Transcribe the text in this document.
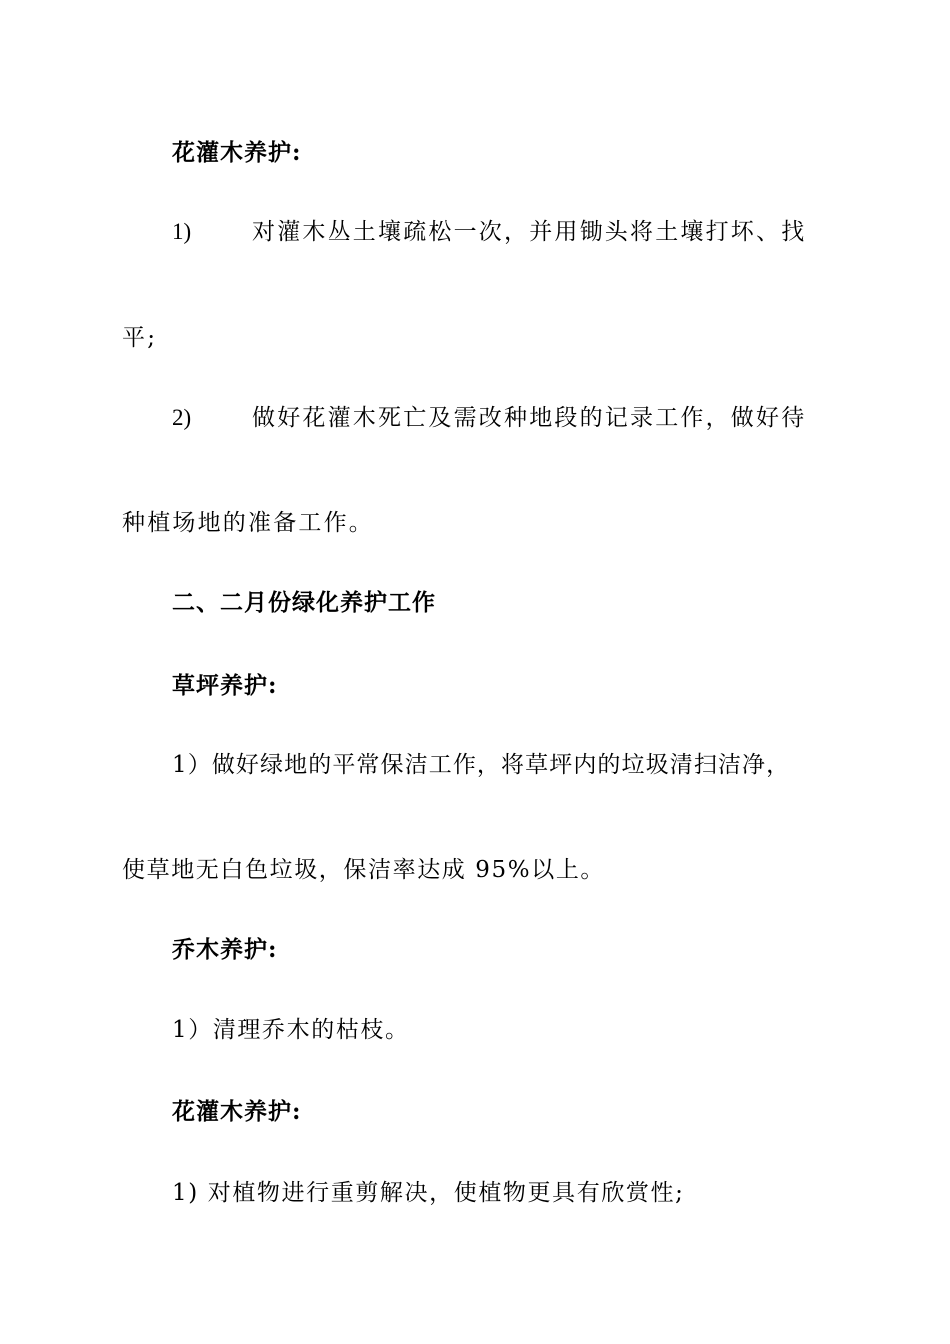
花灌木养护:

1)	对灌木丛土壤疏松一次，并用锄头将土壤打坏、找

平;

2)	做好花灌木死亡及需改种地段的记录工作，做好待

种植场地的准备工作。

二、二月份绿化养护工作

草坪养护:

1）做好绿地的平常保洁工作，将草坪内的垃圾清扫洁净，

使草地无白色垃圾，保洁率达成 95%以上。

乔木养护:

1）清理乔木的枯枝。

花灌木养护:

1) 对植物进行重剪解决，使植物更具有欣赏性;
